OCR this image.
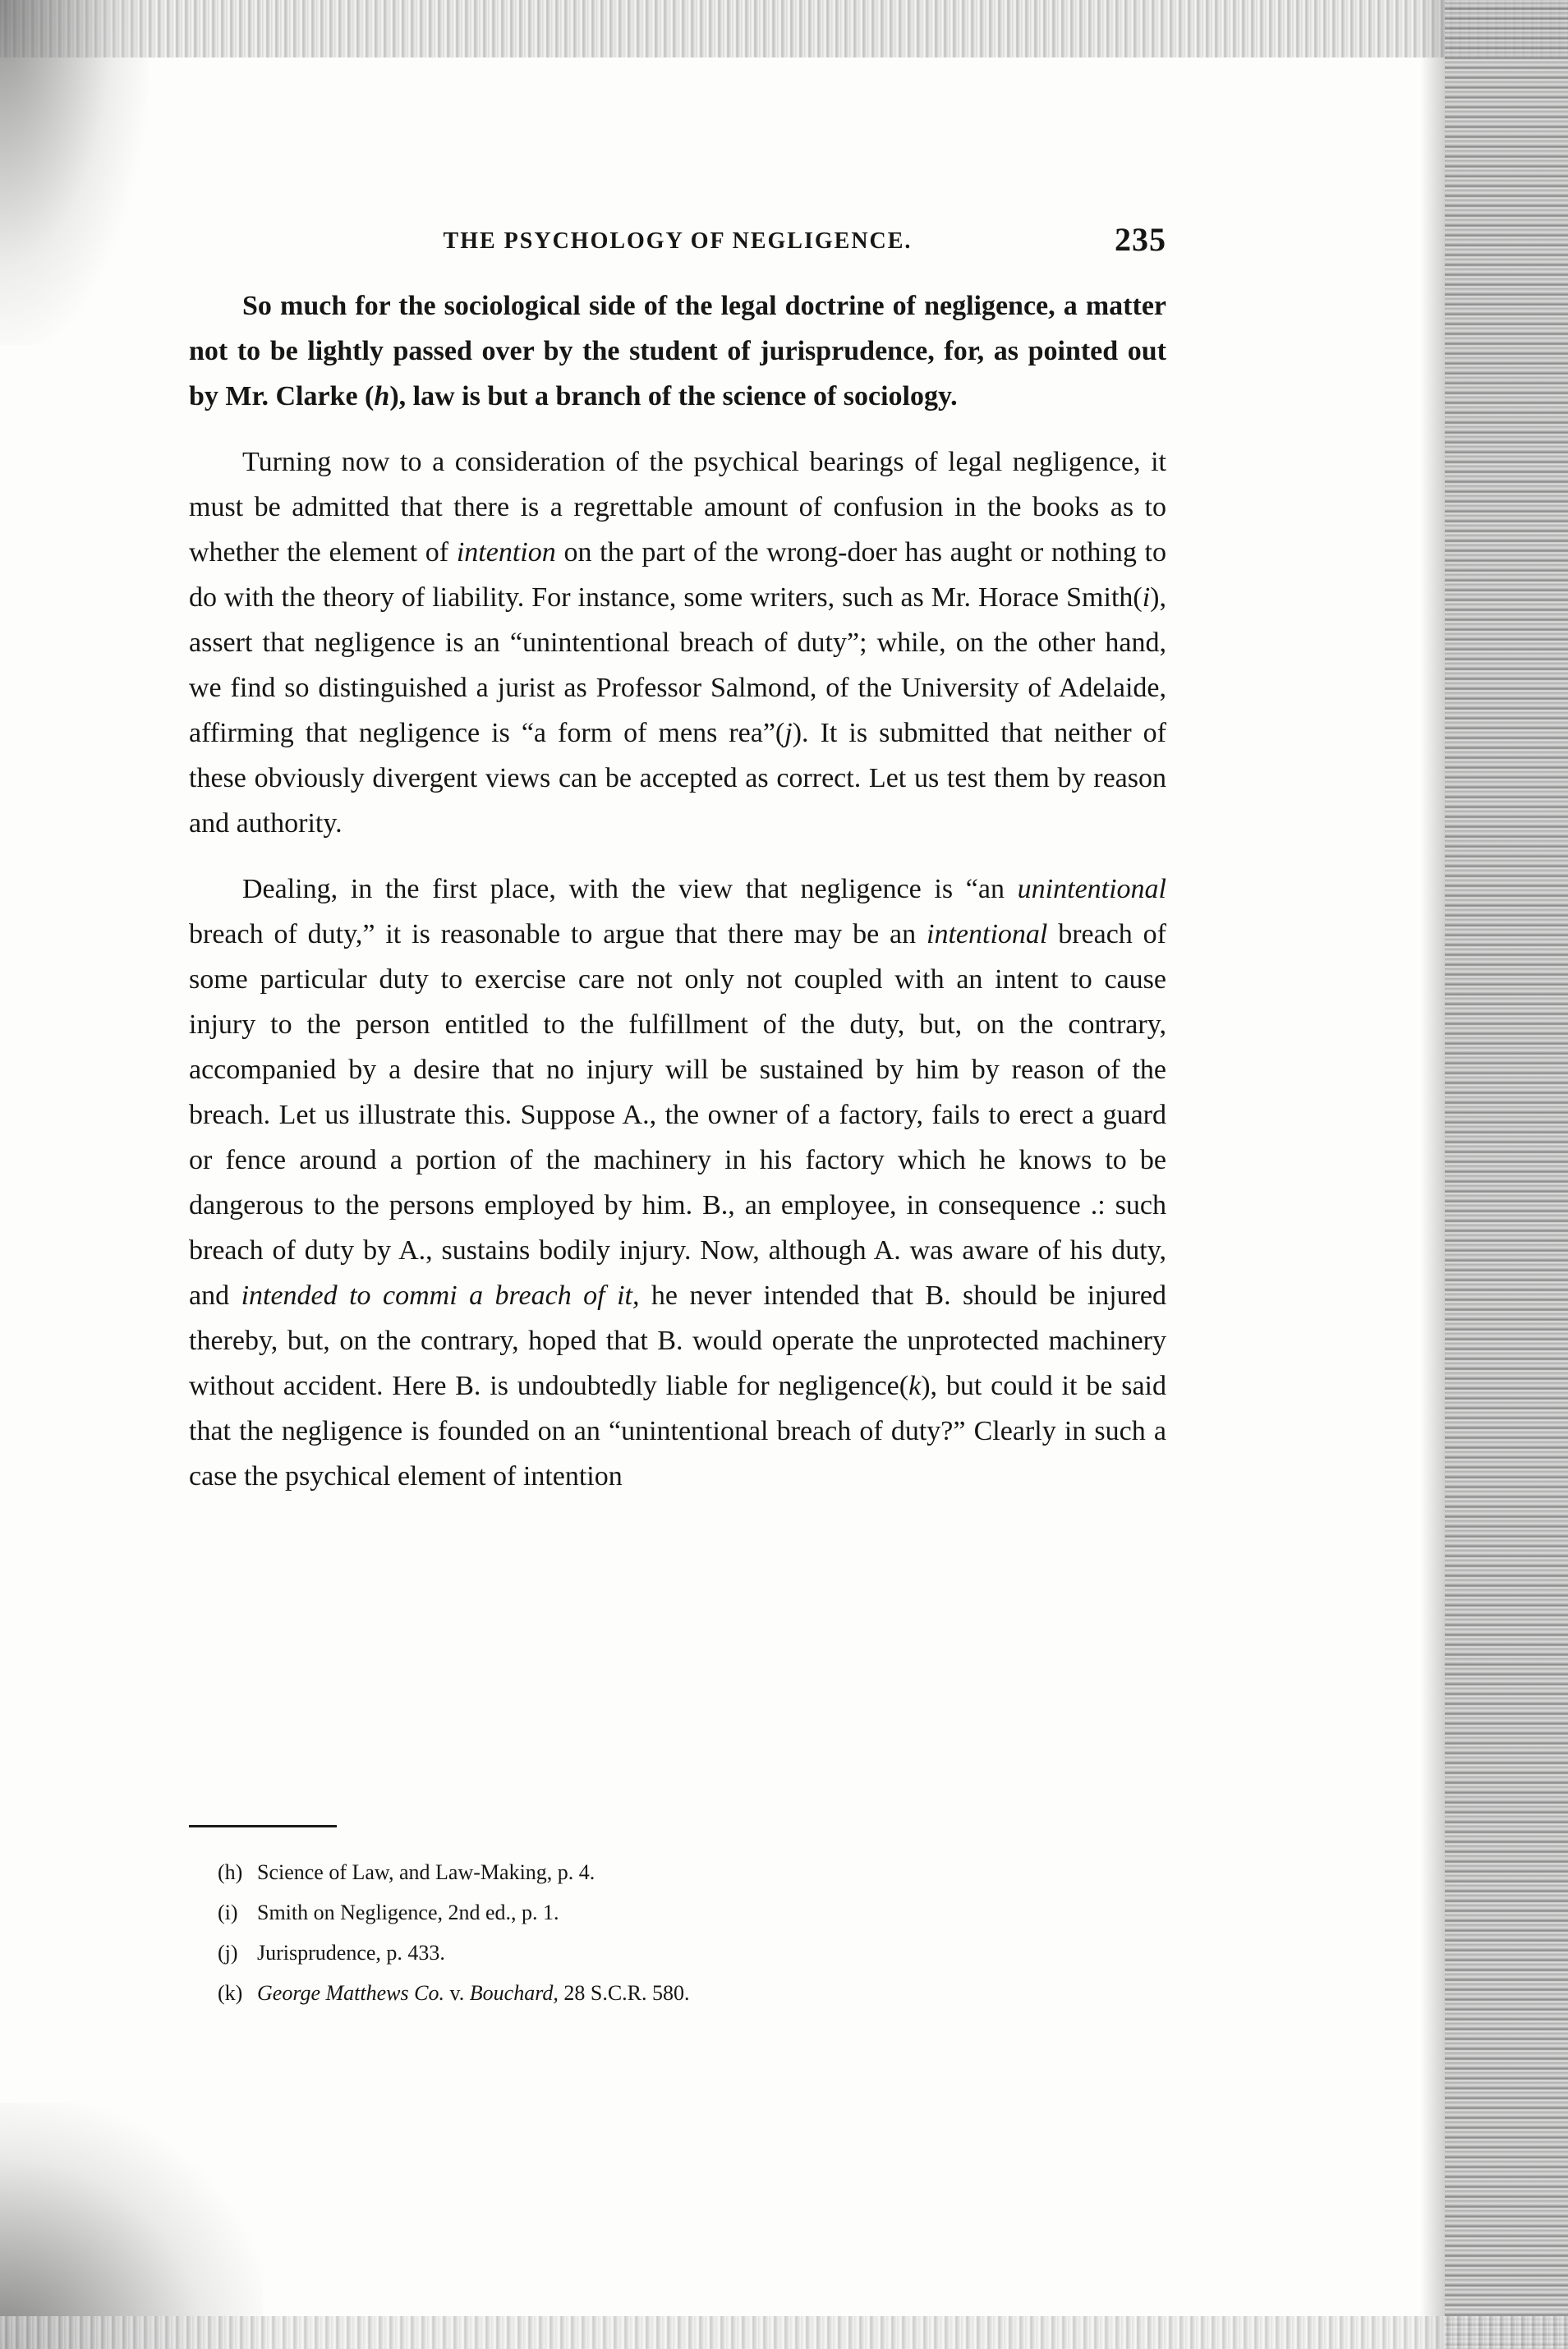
THE PSYCHOLOGY OF NEGLIGENCE.	235

So much for the sociological side of the legal doctrine of negligence, a matter not to be lightly passed over by the student of jurisprudence, for, as pointed out by Mr. Clarke (h), law is but a branch of the science of sociology.

Turning now to a consideration of the psychical bearings of legal negligence, it must be admitted that there is a regrettable amount of confusion in the books as to whether the element of intention on the part of the wrong-doer has aught or nothing to do with the theory of liability. For instance, some writers, such as Mr. Horace Smith(i), assert that negligence is an “unintentional breach of duty”; while, on the other hand, we find so distinguished a jurist as Professor Salmond, of the University of Adelaide, affirming that negligence is “a form of mens rea”(j). It is submitted that neither of these obviously divergent views can be accepted as correct. Let us test them by reason and authority.

Dealing, in the first place, with the view that negligence is “an unintentional breach of duty,” it is reasonable to argue that there may be an intentional breach of some particular duty to exercise care not only not coupled with an intent to cause injury to the person entitled to the fulfillment of the duty, but, on the contrary, accompanied by a desire that no injury will be sustained by him by reason of the breach. Let us illustrate this. Suppose A., the owner of a factory, fails to erect a guard or fence around a portion of the machinery in his factory which he knows to be dangerous to the persons employed by him. B., an employee, in consequence .: such breach of duty by A., sustains bodily injury. Now, although A. was aware of his duty, and intended to commi a breach of it, he never intended that B. should be injured thereby, but, on the contrary, hoped that B. would operate the unprotected machinery without accident. Here B. is undoubtedly liable for negligence(k), but could it be said that the negligence is founded on an “unintentional breach of duty?” Clearly in such a case the psychical element of intention

(h) Science of Law, and Law-Making, p. 4.

(i) Smith on Negligence, 2nd ed., p. 1.

(j) Jurisprudence, p. 433.

(k) George Matthews Co. v. Bouchard, 28 S.C.R. 580.
